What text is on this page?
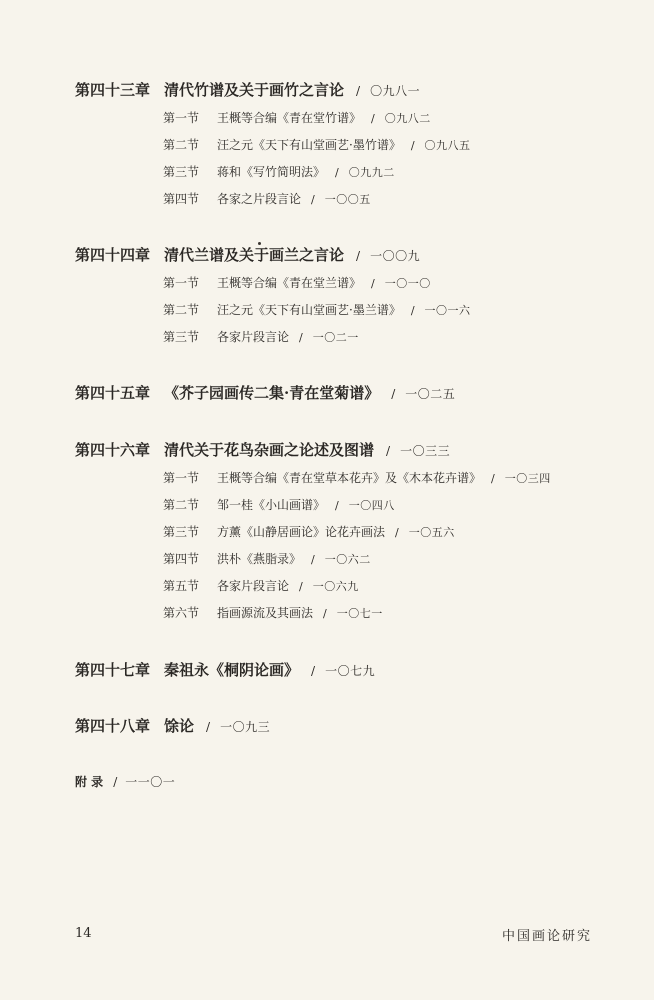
第四十三章 清代竹谱及关于画竹之言论 / 〇九八一
第一节 王概等合编《青在堂竹谱》 / 〇九八二
第二节 汪之元《天下有山堂画艺·墨竹谱》 / 〇九八五
第三节 蒋和《写竹简明法》 / 〇九九二
第四节 各家之片段言论 / 一〇〇五
第四十四章 清代兰谱及关于画兰之言论 / 一〇〇九
第一节 王概等合编《青在堂兰谱》 / 一〇一〇
第二节 汪之元《天下有山堂画艺·墨兰谱》 / 一〇一六
第三节 各家片段言论 / 一〇二一
第四十五章 《芥子园画传二集·青在堂菊谱》 / 一〇二五
第四十六章 清代关于花鸟杂画之论述及图谱 / 一〇三三
第一节 王概等合编《青在堂草本花卉》及《木本花卉谱》 / 一〇三四
第二节 邹一桂《小山画谱》 / 一〇四八
第三节 方薰《山静居画论》论花卉画法 / 一〇五六
第四节 洪朴《燕脂录》 / 一〇六二
第五节 各家片段言论 / 一〇六九
第六节 指画源流及其画法 / 一〇七一
第四十七章 秦祖永《桐阴论画》 / 一〇七九
第四十八章 馀论 / 一〇九三
附 录 / 一一〇一
14	中国画论研究
